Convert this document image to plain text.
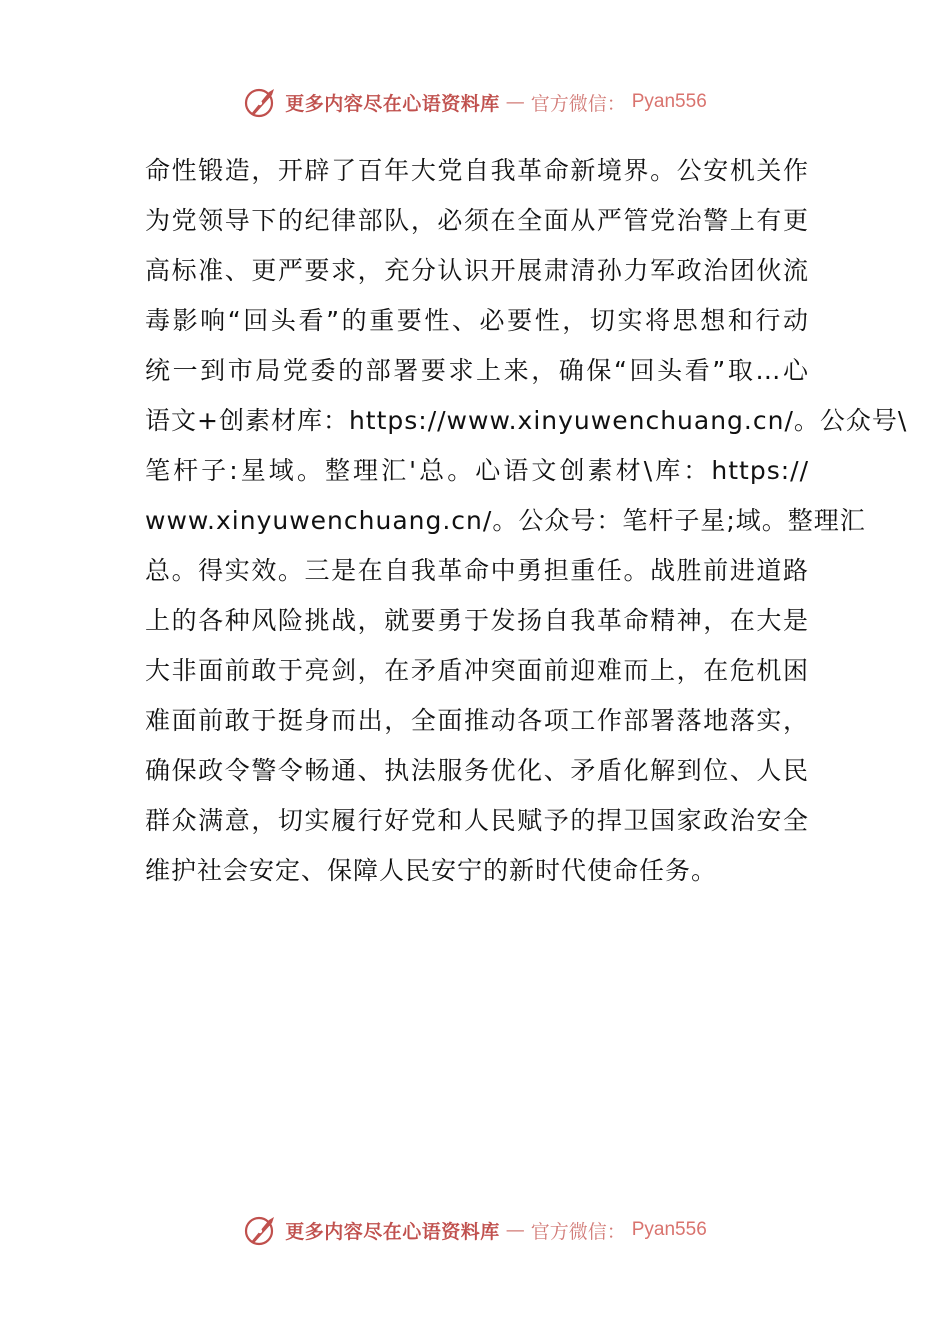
更多内容尽在心语资料库 — 官方微信： Pyan556
命性锻造，开辟了百年大党自我革命新境界。公安机关作
为党领导下的纪律部队，必须在全面从严管党治警上有更
高标准、更严要求，充分认识开展肃清孙力军政治团伙流
毒影响“回头看”的重要性、必要性，切实将思想和行动
统一到市局党委的部署要求上来，确保“回头看”取…心
语文+创素材库：https://www.xinyuwenchuang.cn/。公众号\
笔杆子:星域。整理汇'总。心语文创素材\库：https://
www.xinyuwenchuang.cn/。公众号：笔杆子星;域。整理汇
总。得实效。三是在自我革命中勇担重任。战胜前进道路
上的各种风险挑战，就要勇于发扬自我革命精神，在大是
大非面前敢于亮剑，在矛盾冲突面前迎难而上，在危机困
难面前敢于挺身而出，全面推动各项工作部署落地落实，
确保政令警令畅通、执法服务优化、矛盾化解到位、人民
群众满意，切实履行好党和人民赋予的捍卫国家政治安全
维护社会安定、保障人民安宁的新时代使命任务。
更多内容尽在心语资料库 — 官方微信： Pyan556
